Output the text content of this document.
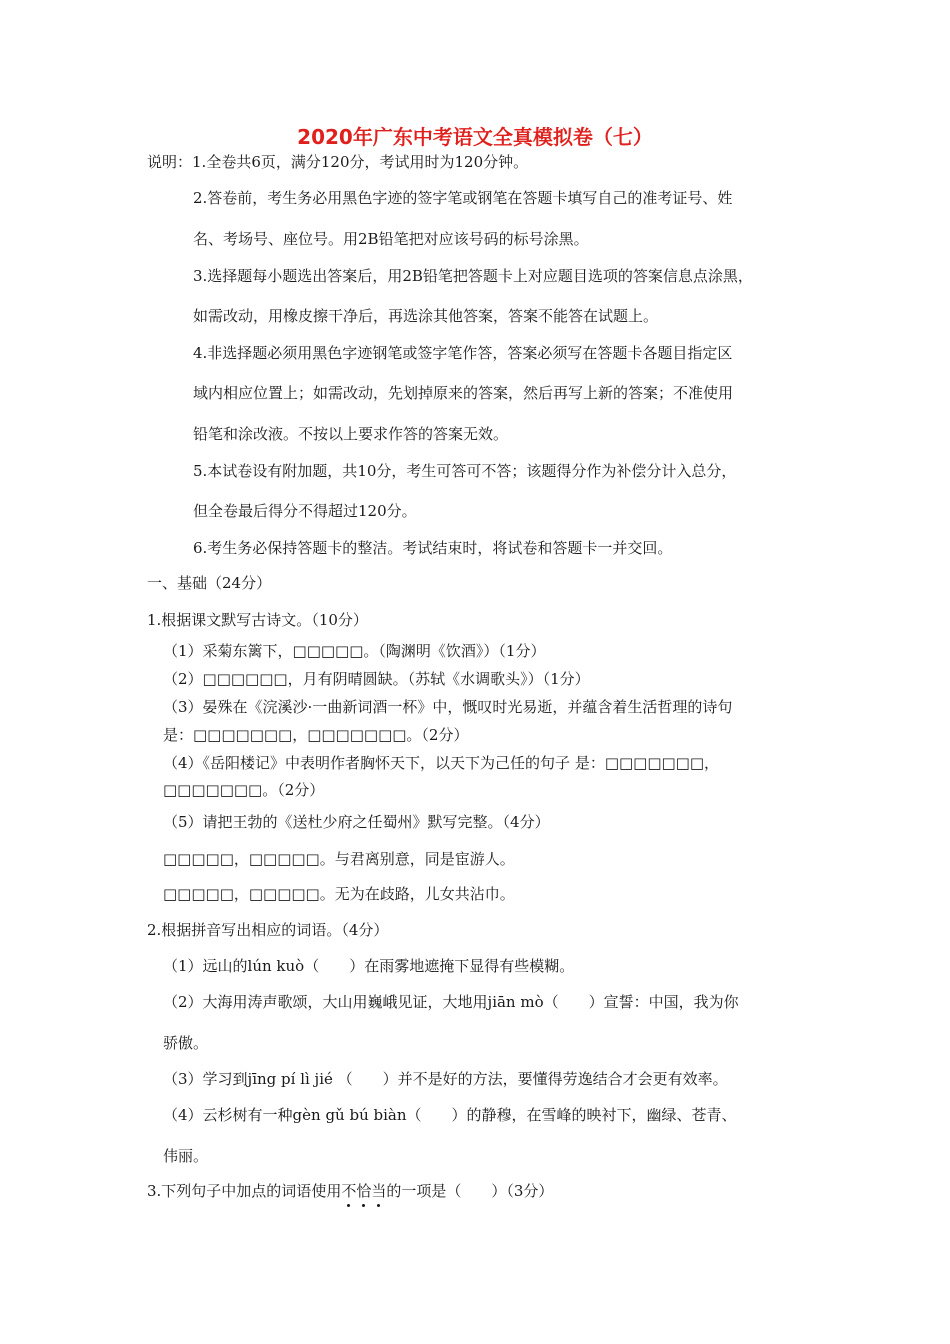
2020年广东中考语文全真模拟卷（七）
说明：1.全卷共6页，满分120分，考试用时为120分钟。
2.答卷前，考生务必用黑色字迹的签字笔或钢笔在答题卡填写自己的准考证号、姓
名、考场号、座位号。用2B铅笔把对应该号码的标号涂黑。
3.选择题每小题选出答案后，用2B铅笔把答题卡上对应题目选项的答案信息点涂黑，
如需改动，用橡皮擦干净后，再选涂其他答案，答案不能答在试题上。
4.非选择题必须用黑色字迹钢笔或签字笔作答，答案必须写在答题卡各题目指定区
域内相应位置上；如需改动，先划掉原来的答案，然后再写上新的答案；不准使用
铅笔和涂改液。不按以上要求作答的答案无效。
5.本试卷设有附加题，共10分，考生可答可不答；该题得分作为补偿分计入总分，
但全卷最后得分不得超过120分。
6.考生务必保持答题卡的整洁。考试结束时，将试卷和答题卡一并交回。
一、基础（24分）
1.根据课文默写古诗文。（10分）
（1）采菊东篱下，□□□□□。（陶渊明《饮酒》）（1分）
（2）□□□□□□，月有阴晴圆缺。（苏轼《水调歌头》）（1分）
（3）晏殊在《浣溪沙·一曲新词酒一杯》中，慨叹时光易逝，并蕴含着生活哲理的诗句
是：□□□□□□□，□□□□□□□。（2分）
（4）《岳阳楼记》中表明作者胸怀天下，以天下为己任的句子 是：□□□□□□□，
□□□□□□□。（2分）
（5）请把王勃的《送杜少府之任蜀州》默写完整。（4分）
□□□□□，□□□□□。与君离别意，同是宦游人。
□□□□□，□□□□□。无为在歧路，儿女共沾巾。
2.根据拼音写出相应的词语。（4分）
（1）远山的lún kuò（　　）在雨雾地遮掩下显得有些模糊。
（2）大海用涛声歌颂，大山用巍峨见证，大地用jiān mò（　　）宣誓：中国，我为你
骄傲。
（3）学习到jīng pí lì jié （　　）并不是好的方法，要懂得劳逸结合才会更有效率。
（4）云杉树有一种gèn gǔ bú biàn（　　）的静穆，在雪峰的映衬下，幽绿、苍青、
伟丽。
3.下列句子中加点的词语使用不恰当的一项是（　　）（3分）
